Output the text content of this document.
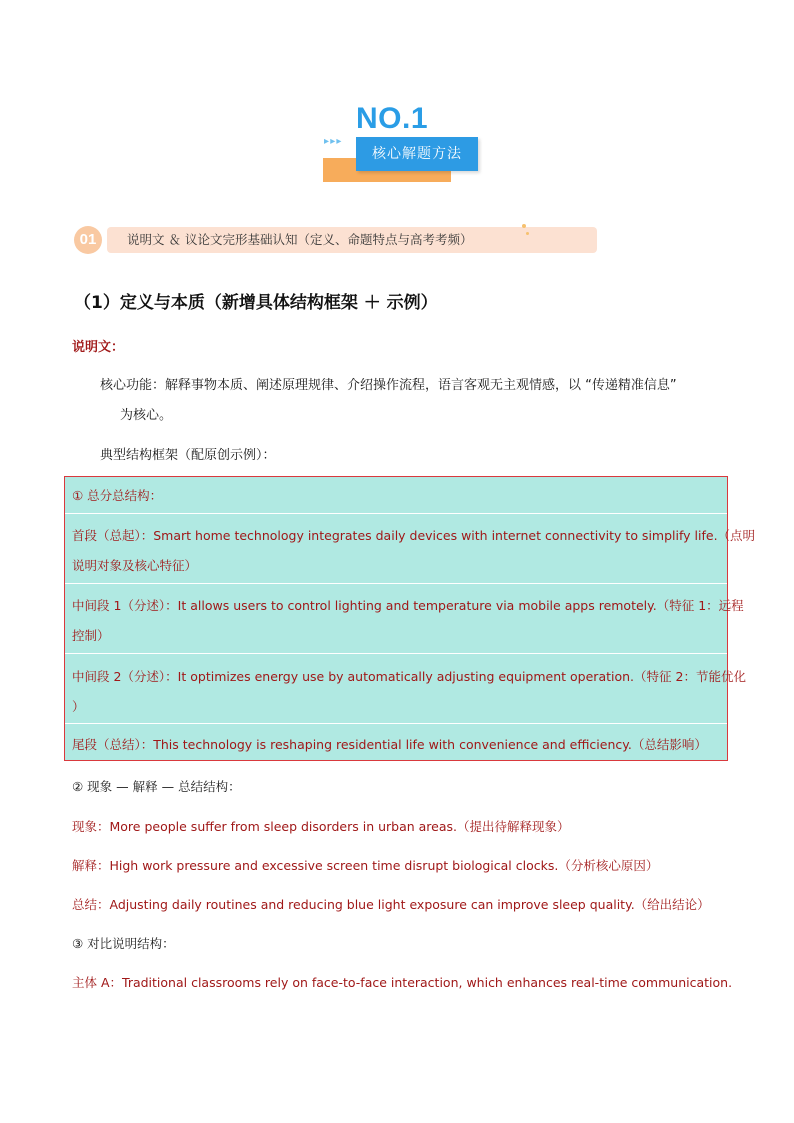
NO.1
▸ ▸ ▸
核心解题方法
说明文 ＆ 议论文完形基础认知（定义、命题特点与高考考频）
01
（1）定义与本质（新增具体结构框架 ＋ 示例）
说明文：
核心功能：解释事物本质、阐述原理规律、介绍操作流程，语言客观无主观情感，以 “传递精准信息”
为核心。
典型结构框架（配原创示例）：
① 总分总结构：
首段（总起）：Smart home technology integrates daily devices with internet connectivity to simplify life.（点明
说明对象及核心特征）
中间段 1（分述）：It allows users to control lighting and temperature via mobile apps remotely.（特征 1：远程
控制）
中间段 2（分述）：It optimizes energy use by automatically adjusting equipment operation.（特征 2：节能优化
）
尾段（总结）：This technology is reshaping residential life with convenience and efficiency.（总结影响）
② 现象 — 解释 — 总结结构：
现象：More people suffer from sleep disorders in urban areas.（提出待解释现象）
解释：High work pressure and excessive screen time disrupt biological clocks.（分析核心原因）
总结：Adjusting daily routines and reducing blue light exposure can improve sleep quality.（给出结论）
③ 对比说明结构：
主体 A：Traditional classrooms rely on face-to-face interaction, which enhances real-time communication.
